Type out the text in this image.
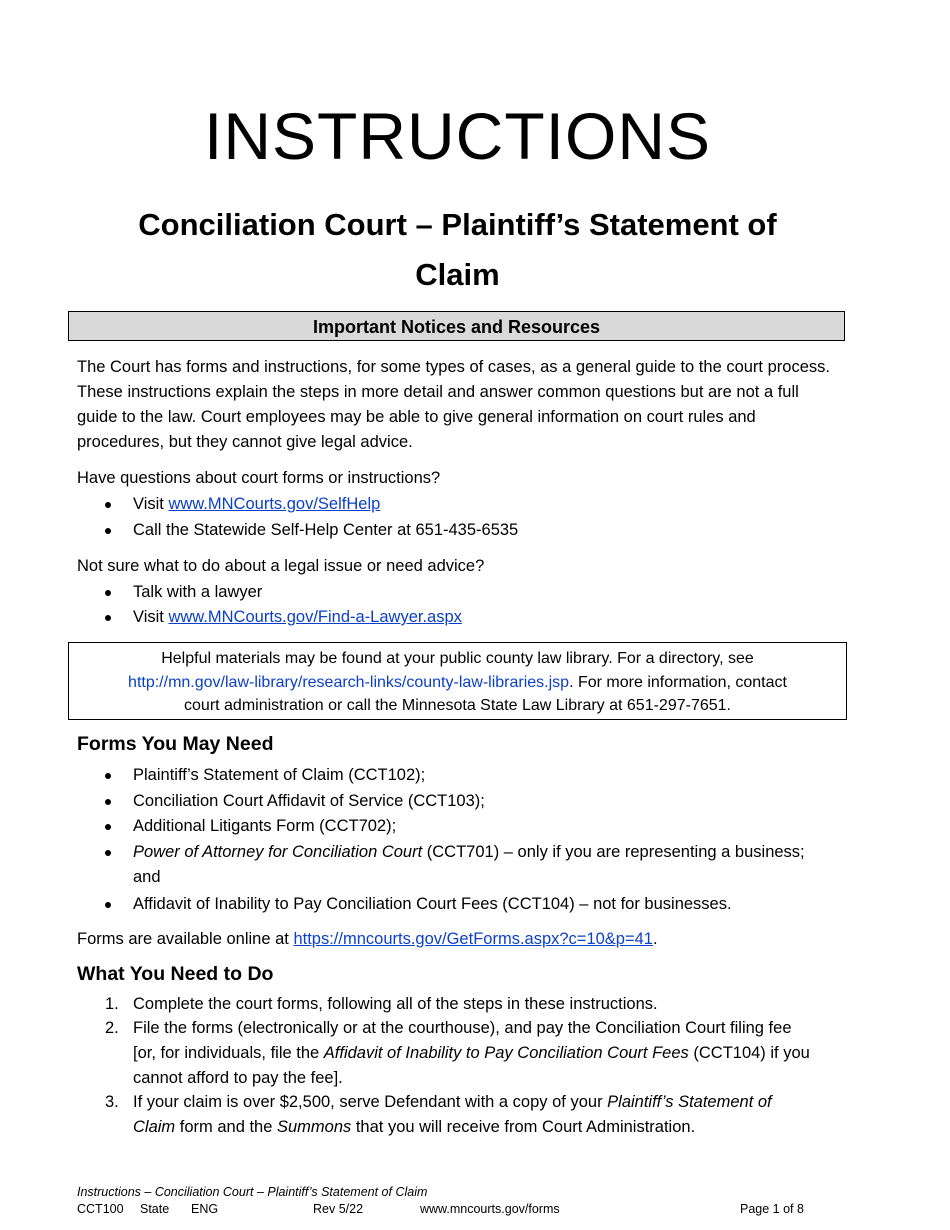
INSTRUCTIONS
Conciliation Court – Plaintiff’s Statement of Claim
Important Notices and Resources
The Court has forms and instructions, for some types of cases, as a general guide to the court process. These instructions explain the steps in more detail and answer common questions but are not a full guide to the law. Court employees may be able to give general information on court rules and procedures, but they cannot give legal advice.
Have questions about court forms or instructions?
Visit www.MNCourts.gov/SelfHelp
Call the Statewide Self-Help Center at 651-435-6535
Not sure what to do about a legal issue or need advice?
Talk with a lawyer
Visit www.MNCourts.gov/Find-a-Lawyer.aspx
Helpful materials may be found at your public county law library. For a directory, see
http://mn.gov/law-library/research-links/county-law-libraries.jsp. For more information, contact
court administration or call the Minnesota State Law Library at 651-297-7651.
Forms You May Need
Plaintiff’s Statement of Claim (CCT102);
Conciliation Court Affidavit of Service (CCT103);
Additional Litigants Form (CCT702);
Power of Attorney for Conciliation Court (CCT701) – only if you are representing a business;
and
Affidavit of Inability to Pay Conciliation Court Fees (CCT104) – not for businesses.
Forms are available online at https://mncourts.gov/GetForms.aspx?c=10&p=41.
What You Need to Do
1. Complete the court forms, following all of the steps in these instructions.
2. File the forms (electronically or at the courthouse), and pay the Conciliation Court filing fee
[or, for individuals, file the Affidavit of Inability to Pay Conciliation Court Fees (CCT104) if you
cannot afford to pay the fee].
3. If your claim is over $2,500, serve Defendant with a copy of your Plaintiff’s Statement of
Claim form and the Summons that you will receive from Court Administration.
Instructions – Conciliation Court – Plaintiff’s Statement of Claim
CCT100 State ENG	Rev 5/22	www.mncourts.gov/forms	Page 1 of 8
